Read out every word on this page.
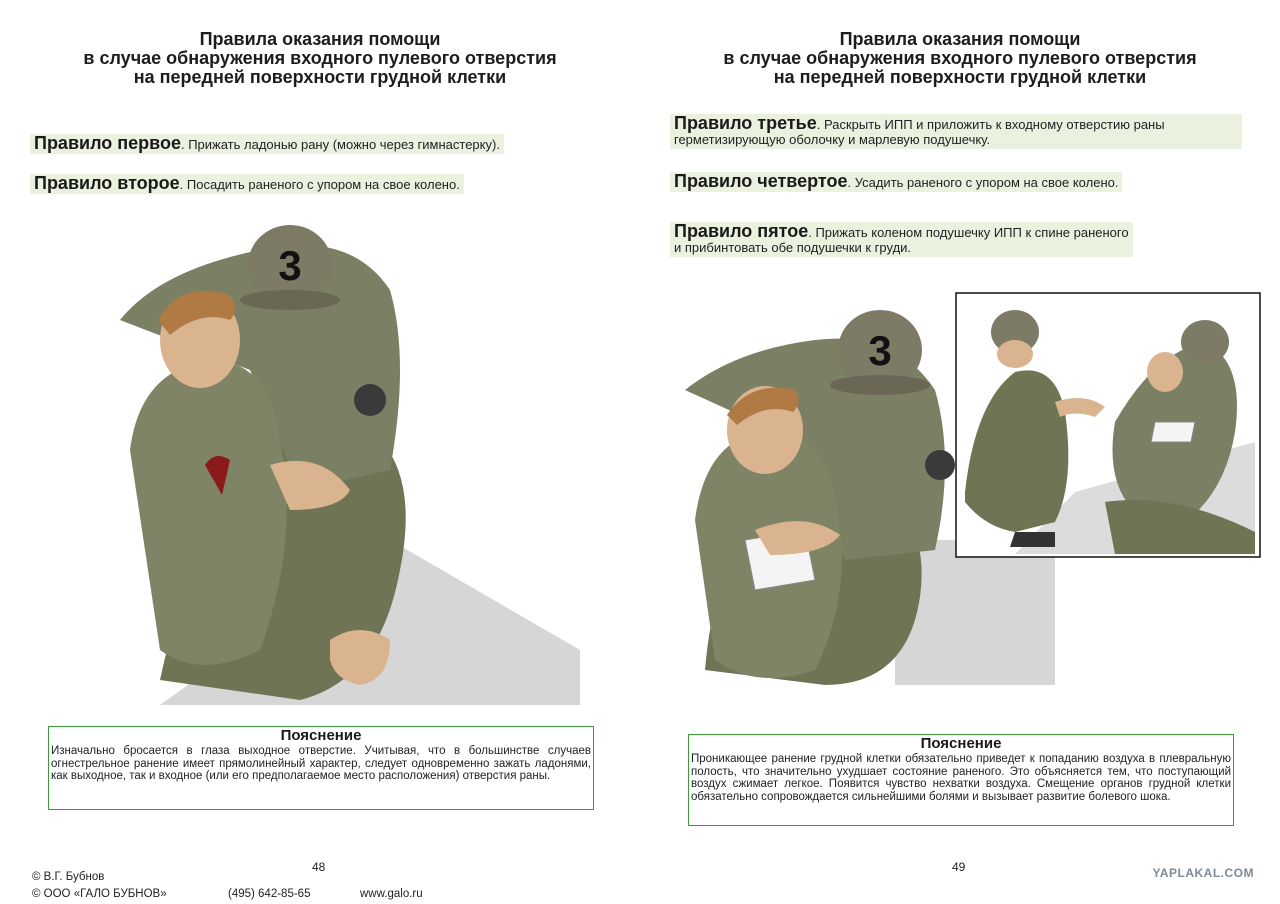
Правила оказания помощи
в случае обнаружения входного пулевого отверстия
на передней поверхности грудной клетки
Правило первое. Прижать ладонью рану (можно через гимнастерку).
Правило второе. Посадить раненого с упором на свое колено.
3
Пояснение

Изначально бросается в глаза выходное отверстие. Учитывая, что в большинстве случаев огнестрельное ранение имеет прямолинейный характер, следует одновременно зажать ладонями, как выходное, так и входное (или его предполагаемое место расположения) отверстия раны.

48
© В.Г. Бубнов
© ООО «ГАЛО БУБНОВ»	(495) 642-85-65	www.galo.ru
Правила оказания помощи
в случае обнаружения входного пулевого отверстия
на передней поверхности грудной клетки
Правило третье. Раскрыть ИПП и приложить к входному отверстию раны
герметизирующую оболочку и марлевую подушечку.
Правило четвертое. Усадить раненого с упором на свое колено.
Правило пятое. Прижать коленом подушечку ИПП к спине раненого
и прибинтовать обе подушечки к груди.
3
Пояснение

Проникающее ранение грудной клетки обязательно приведет к попаданию воздуха в плевральную полость, что значительно ухудшает состояние раненого. Это объясняется тем, что поступающий воздух сжимает легкое. Появится чувство нехватки воздуха. Смещение органов грудной клетки обязательно сопровождается сильнейшими болями и вызывает развитие болевого шока.

49	YAPLAKAL.COM
